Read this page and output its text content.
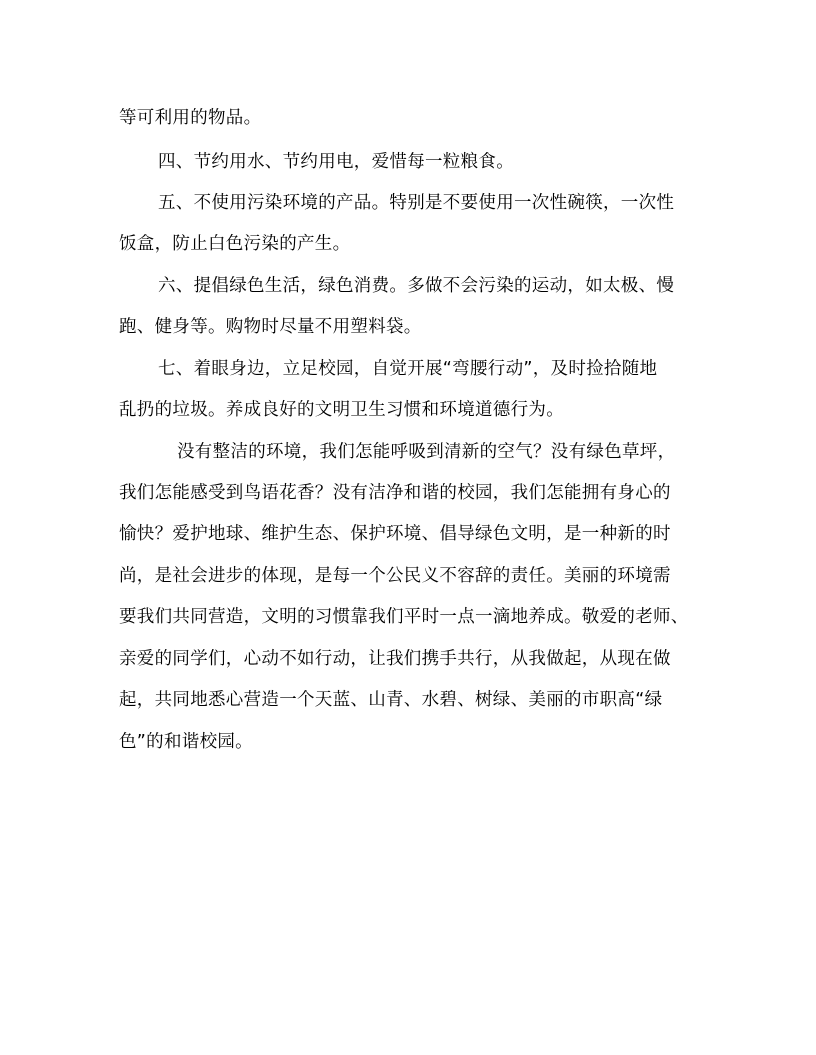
等可利用的物品。
四、节约用水、节约用电，爱惜每一粒粮食。
五、不使用污染环境的产品。特别是不要使用一次性碗筷，一次性
饭盒，防止白色污染的产生。
六、提倡绿色生活，绿色消费。多做不会污染的运动，如太极、慢
跑、健身等。购物时尽量不用塑料袋。
七、着眼身边，立足校园，自觉开展“弯腰行动”，及时捡拾随地
乱扔的垃圾。养成良好的文明卫生习惯和环境道德行为。
没有整洁的环境，我们怎能呼吸到清新的空气？没有绿色草坪，
我们怎能感受到鸟语花香？没有洁净和谐的校园，我们怎能拥有身心的
愉快？爱护地球、维护生态、保护环境、倡导绿色文明，是一种新的时
尚，是社会进步的体现，是每一个公民义不容辞的责任。美丽的环境需
要我们共同营造，文明的习惯靠我们平时一点一滴地养成。敬爱的老师、
亲爱的同学们，心动不如行动，让我们携手共行，从我做起，从现在做
起，共同地悉心营造一个天蓝、山青、水碧、树绿、美丽的市职高“绿
色”的和谐校园。
